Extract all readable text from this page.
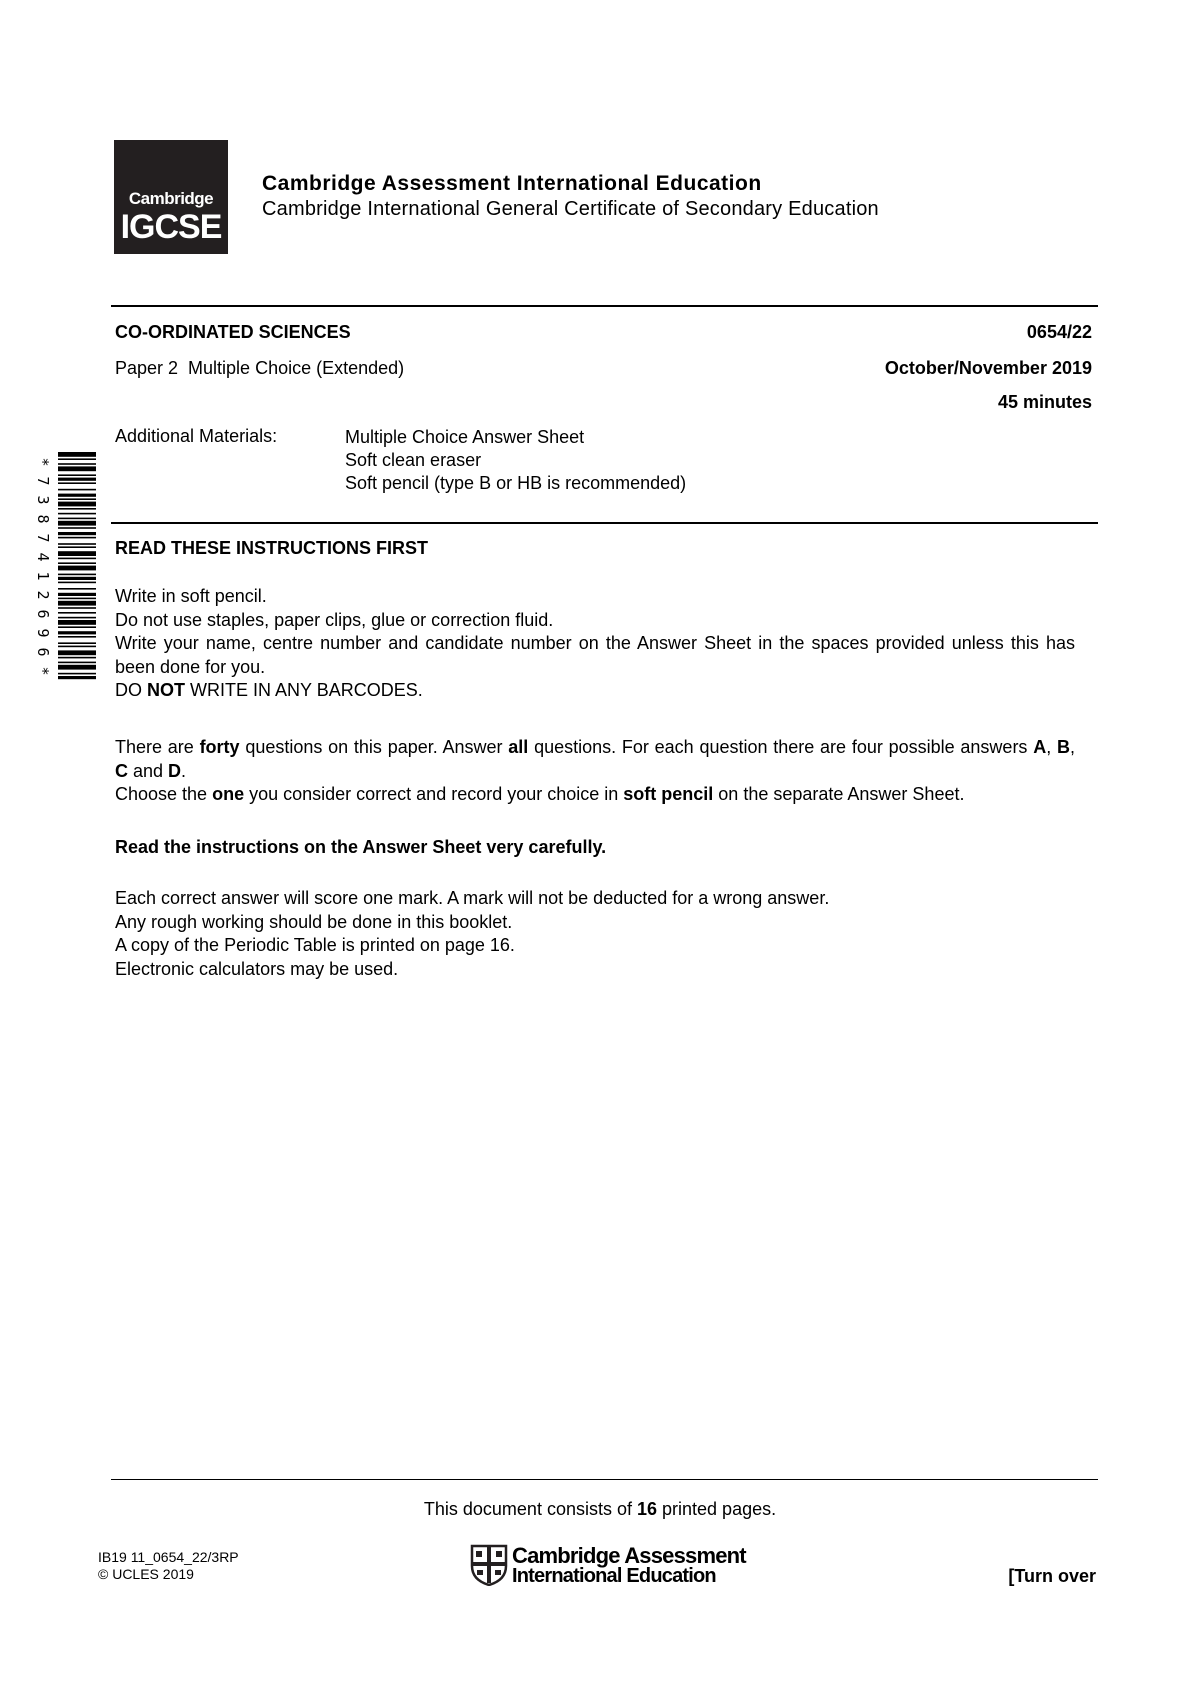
Cambridge
IGCSE
Cambridge Assessment International Education
Cambridge International General Certificate of Secondary Education
CO-ORDINATED SCIENCES	0654/22
Paper 2  Multiple Choice (Extended)	October/November 2019
45 minutes
Additional Materials:	Multiple Choice Answer Sheet
Soft clean eraser
Soft pencil (type B or HB is recommended)
*
7
3
8
7
4
1
2
6
9
6
*
READ THESE INSTRUCTIONS FIRST

Write in soft pencil.

Do not use staples, paper clips, glue or correction fluid.

Write your name, centre number and candidate number on the Answer Sheet in the spaces provided unless this has been done for you.

DO NOT WRITE IN ANY BARCODES.

There are forty questions on this paper. Answer all questions. For each question there are four possible answers A, B, C and D.

Choose the one you consider correct and record your choice in soft pencil on the separate Answer Sheet.

Read the instructions on the Answer Sheet very carefully.

Each correct answer will score one mark. A mark will not be deducted for a wrong answer.

Any rough working should be done in this booklet.

A copy of the Periodic Table is printed on page 16.

Electronic calculators may be used.

This document consists of 16 printed pages.
IB19 11_0654_22/3RP
© UCLES 2019
Cambridge Assessment
International Education	[Turn over
